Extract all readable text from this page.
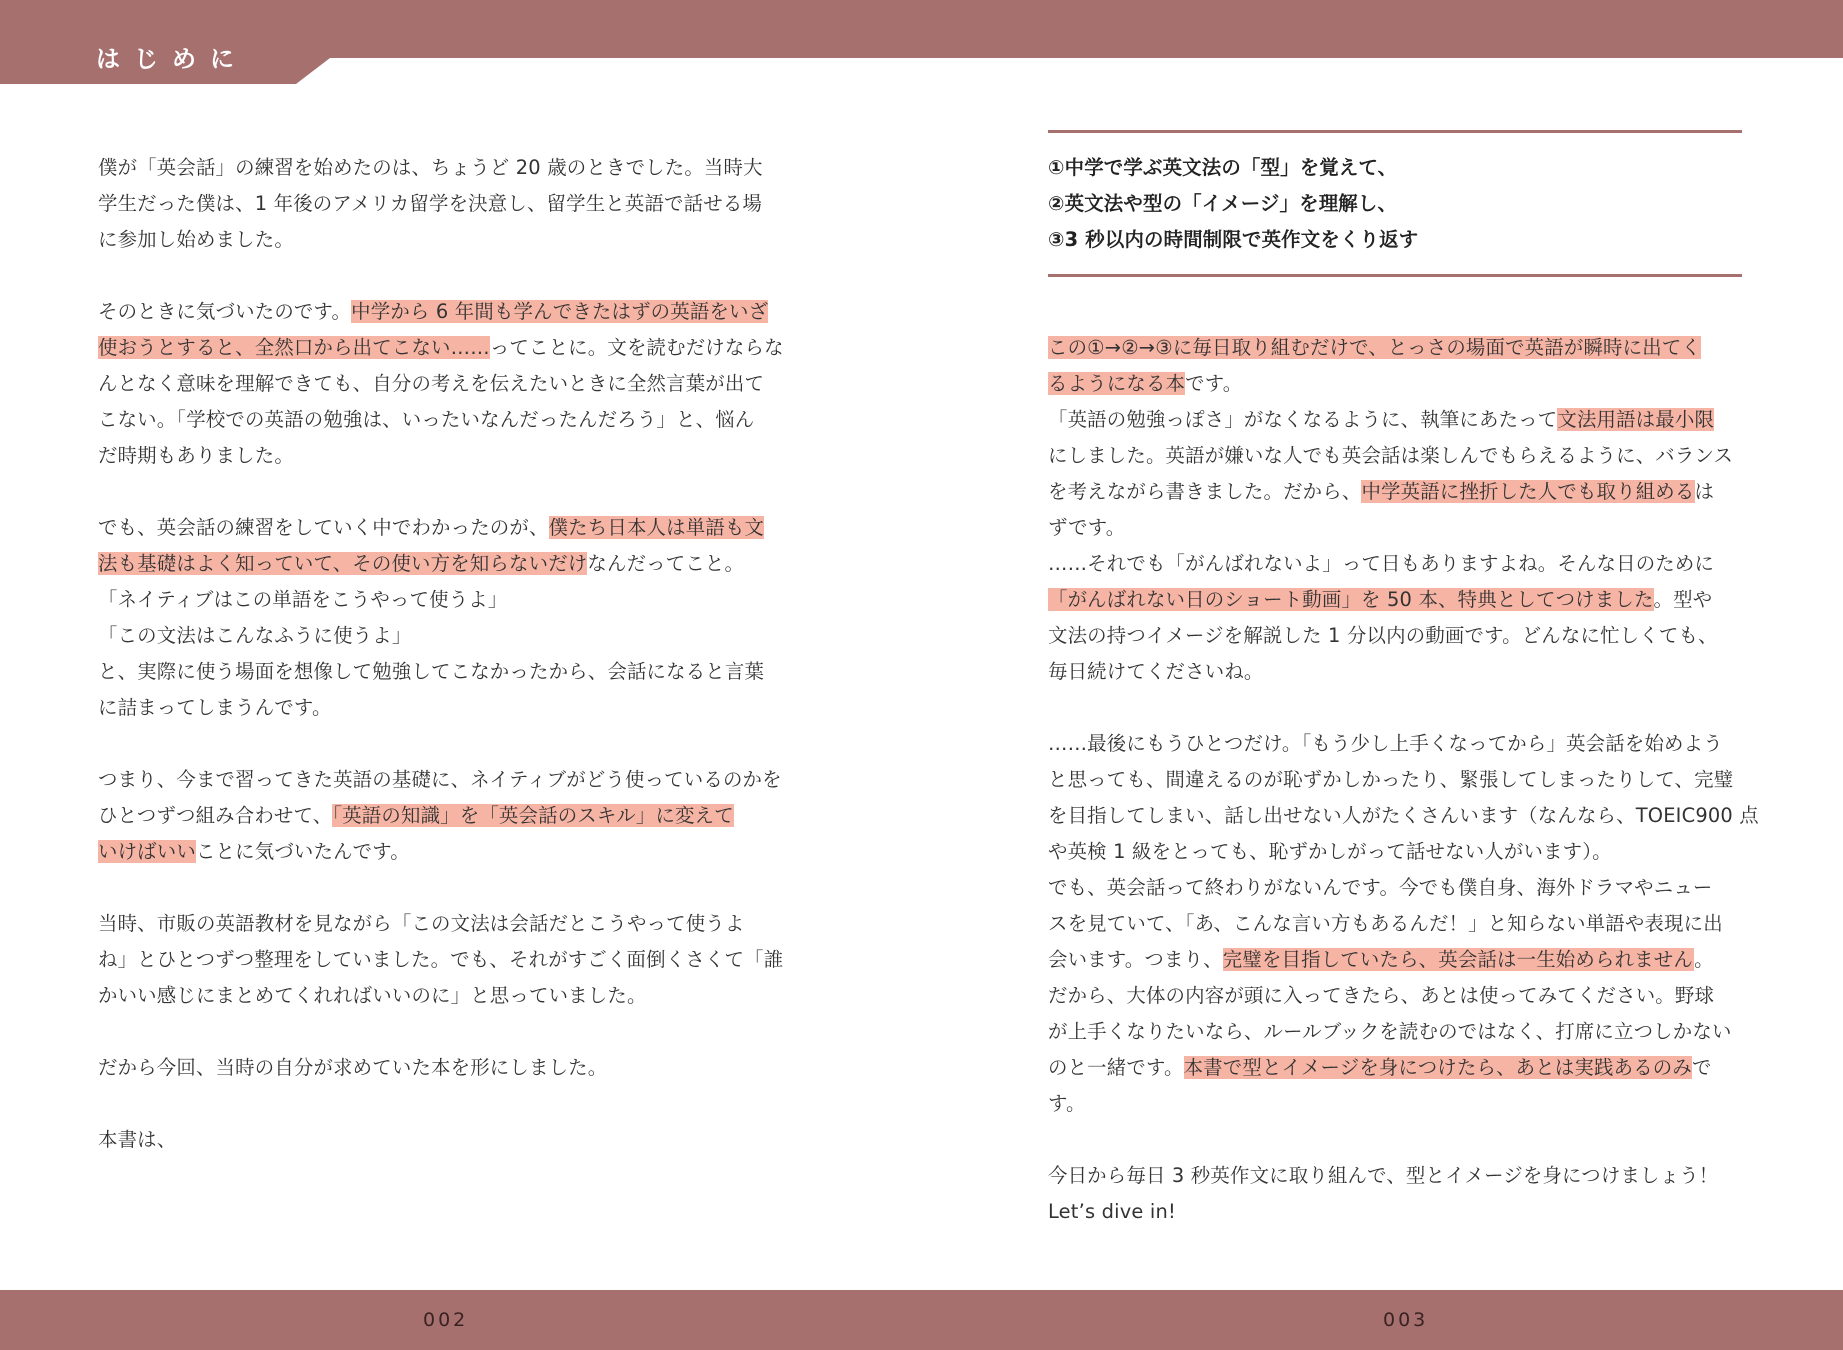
はじめに
僕が「英会話」の練習を始めたのは、ちょうど 20 歳のときでした。当時大
学生だった僕は、1 年後のアメリカ留学を決意し、留学生と英語で話せる場
に参加し始めました。
そのときに気づいたのです。中学から 6 年間も学んできたはずの英語をいざ
使おうとすると、全然口から出てこない……ってことに。文を読むだけならな
んとなく意味を理解できても、自分の考えを伝えたいときに全然言葉が出て
こない。「学校での英語の勉強は、いったいなんだったんだろう」と、悩ん
だ時期もありました。
でも、英会話の練習をしていく中でわかったのが、僕たち日本人は単語も文
法も基礎はよく知っていて、その使い方を知らないだけなんだってこと。
「ネイティブはこの単語をこうやって使うよ」
「この文法はこんなふうに使うよ」
と、実際に使う場面を想像して勉強してこなかったから、会話になると言葉
に詰まってしまうんです。
つまり、今まで習ってきた英語の基礎に、ネイティブがどう使っているのかを
ひとつずつ組み合わせて、「英語の知識」を「英会話のスキル」に変えて
いけばいいことに気づいたんです。
当時、市販の英語教材を見ながら「この文法は会話だとこうやって使うよ
ね」とひとつずつ整理をしていました。でも、それがすごく面倒くさくて「誰
かいい感じにまとめてくれればいいのに」と思っていました。
だから今回、当時の自分が求めていた本を形にしました。
本書は、
①中学で学ぶ英文法の「型」を覚えて、
②英文法や型の「イメージ」を理解し、
③3 秒以内の時間制限で英作文をくり返す
この①→②→③に毎日取り組むだけで、とっさの場面で英語が瞬時に出てく
るようになる本です。
「英語の勉強っぽさ」がなくなるように、執筆にあたって文法用語は最小限
にしました。英語が嫌いな人でも英会話は楽しんでもらえるように、バランス
を考えながら書きました。だから、中学英語に挫折した人でも取り組めるは
ずです。
……それでも「がんばれないよ」って日もありますよね。そんな日のために
「がんばれない日のショート動画」を 50 本、特典としてつけました。型や
文法の持つイメージを解説した 1 分以内の動画です。どんなに忙しくても、
毎日続けてくださいね。
……最後にもうひとつだけ。「もう少し上手くなってから」英会話を始めよう
と思っても、間違えるのが恥ずかしかったり、緊張してしまったりして、完璧
を目指してしまい、話し出せない人がたくさんいます（なんなら、TOEIC900 点
や英検 1 級をとっても、恥ずかしがって話せない人がいます）。
でも、英会話って終わりがないんです。今でも僕自身、海外ドラマやニュー
スを見ていて、「あ、こんな言い方もあるんだ！」と知らない単語や表現に出
会います。つまり、完璧を目指していたら、英会話は一生始められません。
だから、大体の内容が頭に入ってきたら、あとは使ってみてください。野球
が上手くなりたいなら、ルールブックを読むのではなく、打席に立つしかない
のと一緒です。本書で型とイメージを身につけたら、あとは実践あるのみで
す。
今日から毎日 3 秒英作文に取り組んで、型とイメージを身につけましょう！
Let’s dive in!
002	003
